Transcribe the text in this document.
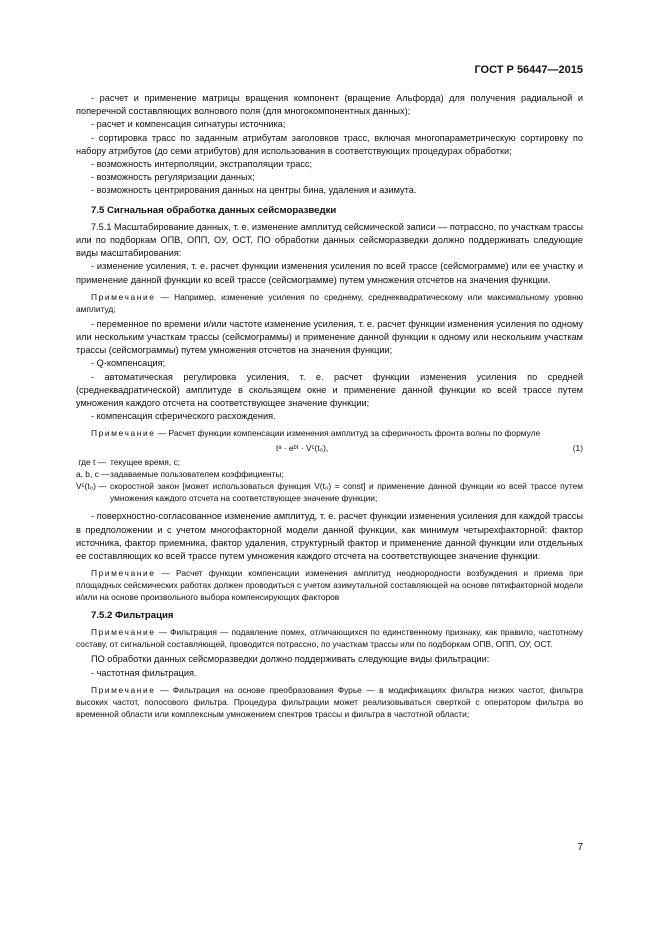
ГОСТ Р 56447—2015

- расчет и применение матрицы вращения компонент (вращение Альфорда) для получения радиальной и поперечной составляющих волнового поля (для многокомпонентных данных);

- расчет и компенсация сигнатуры источника;

- сортировка трасс по заданным атрибутам заголовков трасс, включая многопараметрическую сортировку по набору атрибутов (до семи атрибутов) для использования в соответствующих процедурах обработки;

- возможность интерполяции, экстраполяции трасс;

- возможность регуляризации данных;

- возможность центрирования данных на центры бина, удаления и азимута.

7.5 Сигнальная обработка данных сейсморазведки

7.5.1 Масштабирование данных, т. е. изменение амплитуд сейсмической записи — потрассно, по участкам трассы или по подборкам ОПВ, ОПП, ОУ, ОСТ, ПО обработки данных сейсморазведки должно поддерживать следующие виды масштабирования:

- изменение усиления, т. е. расчет функции изменения усиления по всей трассе (сейсмограмме) или ее участку и применение данной функции ко всей трассе (сейсмограмме) путем умножения отсчетов на значения функции.

Примечание — Например, изменение усиления по среднему, среднеквадратическому или максимальному уровню амплитуд;

- переменное по времени и/или частоте изменение усиления, т. е. расчет функции изменения усиления по одному или нескольким участкам трассы (сейсмограммы) и применение данной функции к одному или нескольким участкам трассы (сейсмограммы) путем умножения отсчетов на значения функции;

- Q-компенсация;

- автоматическая регулировка усиления, т. е. расчет функции изменения усиления по средней (среднеквадратической) амплитуде в скользящем окне и применение данной функции ко всей трассе путем умножения каждого отсчета на соответствующее значение функции;

- компенсация сферического расхождения.

Примечание — Расчет функции компенсации изменения амплитуд за сферичность фронта волны по формуле

tᵃ · eᵇᵗ · Vᶜ(t₀),	(1)
где t — текущее время, с;
a, b, c — задаваемые пользователем коэффициенты;
Vᶜ(t₀) — скоростной закон [может использоваться функция V(t₀) = const] и применение данной функции ко всей трассе путем умножения каждого отсчета на соответствующее значение функции;

- поверхностно-согласованное изменение амплитуд, т. е. расчет функции изменения усиления для каждой трассы в предположении и с учетом многофакторной модели данной функции, как минимум четырехфакторной: фактор источника, фактор приемника, фактор удаления, структурный фактор и применение данной функции или отдельных ее составляющих ко всей трассе путем умножения каждого отсчета на соответствующее значение функции.

Примечание — Расчет функции компенсации изменения амплитуд неоднородности возбуждения и приема при площадных сейсмических работах должен проводиться с учетом азимутальной составляющей на основе пятифакторной модели и/или на основе произвольного выбора компенсирующих факторов

7.5.2 Фильтрация

Примечание — Фильтрация — подавление помех, отличающихся по единственному признаку, как правило, частотному составу, от сигнальной составляющей, проводится потрассно, по участкам трассы или по подборкам ОПВ, ОПП, ОУ, ОСТ.

ПО обработки данных сейсморазведки должно поддерживать следующие виды фильтрации:

- частотная фильтрация.

Примечание — Фильтрация на основе преобразования Фурье — в модификациях фильтра низких частот, фильтра высоких частот, полосового фильтра. Процедура фильтрации может реализовываться сверткой с оператором фильтра во временной области или комплексным умножением спектров трассы и фильтра в частотной области;

7
